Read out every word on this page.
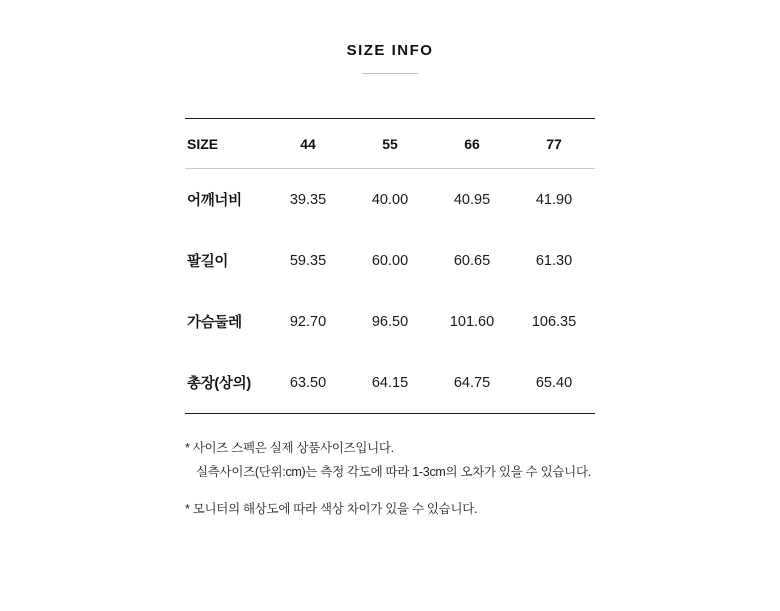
SIZE INFO
SIZE	44	55	66	77
어깨너비	39.35	40.00	40.95	41.90
팔길이	59.35	60.00	60.65	61.30
가슴둘레	92.70	96.50	101.60	106.35
총장(상의)	63.50	64.15	64.75	65.40
* 사이즈 스펙은 실제 상품사이즈입니다.
실측사이즈(단위:cm)는 측정 각도에 따라 1-3cm의 오차가 있을 수 있습니다.
* 모니터의 해상도에 따라 색상 차이가 있을 수 있습니다.
